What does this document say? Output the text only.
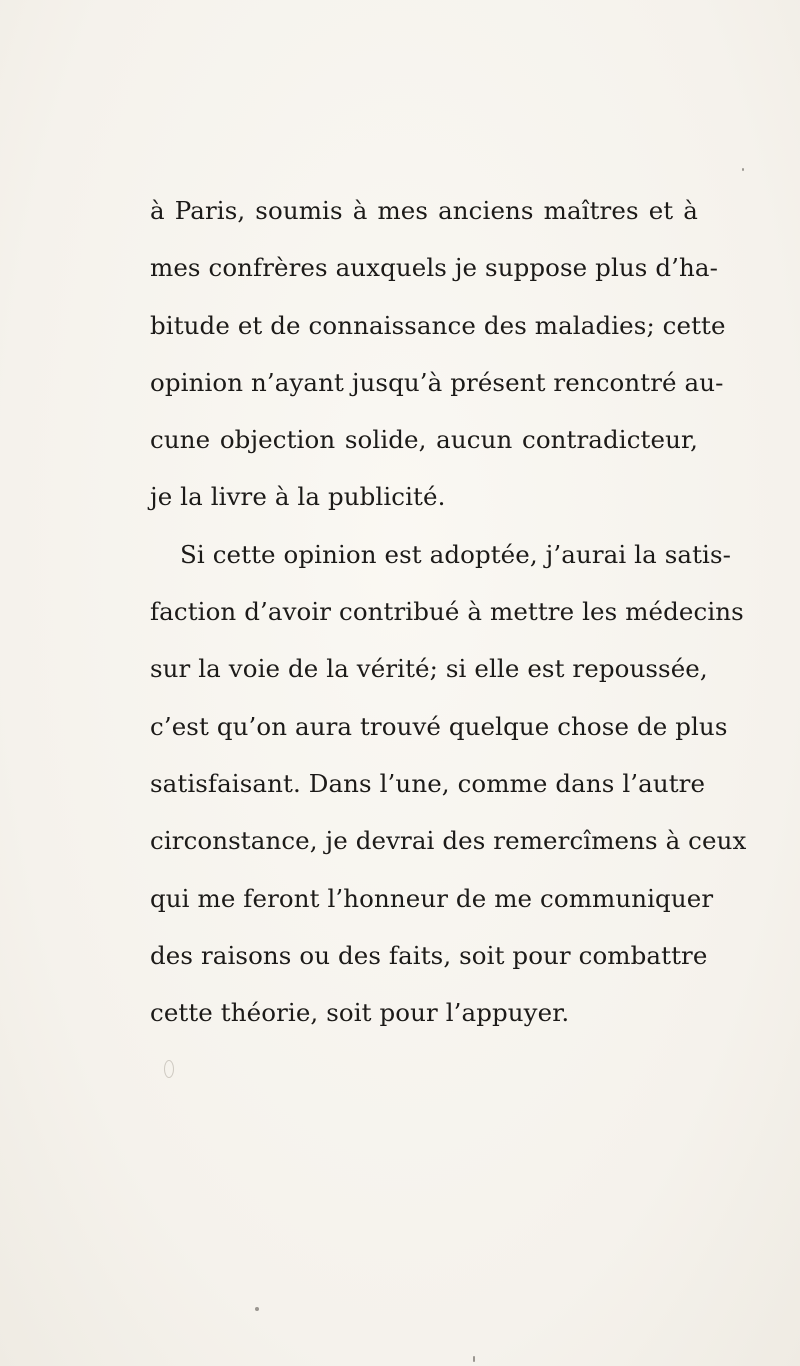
à Paris, soumis à mes anciens maîtres et à
mes confrères auxquels je suppose plus d’ha-
bitude et de connaissance des maladies; cette
opinion n’ayant jusqu’à présent rencontré au-
cune objection solide, aucun contradicteur,
je la livre à la publicité.
Si cette opinion est adoptée, j’aurai la satis-
faction d’avoir contribué à mettre les médecins
sur la voie de la vérité; si elle est repoussée,
c’est qu’on aura trouvé quelque chose de plus
satisfaisant. Dans l’une, comme dans l’autre
circonstance, je devrai des remercîmens à ceux
qui me feront l’honneur de me communiquer
des raisons ou des faits, soit pour combattre
cette théorie, soit pour l’appuyer.
